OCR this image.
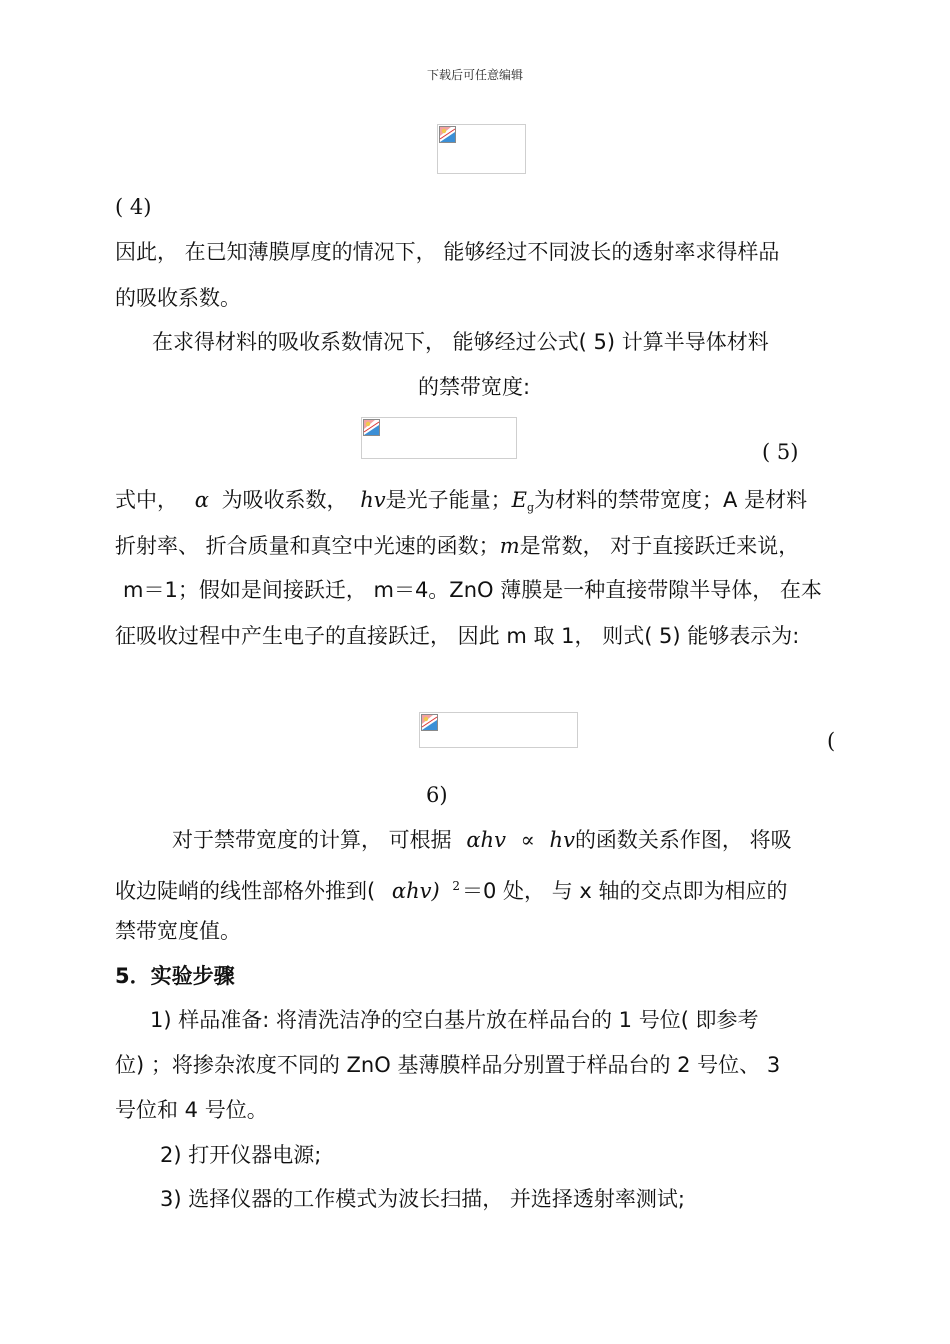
下载后可任意编辑
( 4)
因此， 在已知薄膜厚度的情况下， 能够经过不同波长的透射率求得样品
的吸收系数。
在求得材料的吸收系数情况下， 能够经过公式( 5) 计算半导体材料
的禁带宽度:
( 5)
式中， α 为吸收系数， hv是光子能量；$E_g$为材料的禁带宽度；A 是材料
折射率、 折合质量和真空中光速的函数；m是常数， 对于直接跃迁来说，
m＝1；假如是间接跃迁， m＝4。ZnO 薄膜是一种直接带隙半导体， 在本
征吸收过程中产生电子的直接跃迁， 因此 m 取 1， 则式( 5) 能够表示为:
(
6)
对于禁带宽度的计算， 可根据 αhv ∝ hv的函数关系作图， 将吸
收边陡峭的线性部格外推到( αhv) $^2$＝0 处， 与 x 轴的交点即为相应的
禁带宽度值。
5．实验步骤
1) 样品准备: 将清洗洁净的空白基片放在样品台的 1 号位( 即参考
位) ；将掺杂浓度不同的 ZnO 基薄膜样品分别置于样品台的 2 号位、 3
号位和 4 号位。
2) 打开仪器电源;
3) 选择仪器的工作模式为波长扫描， 并选择透射率测试;
